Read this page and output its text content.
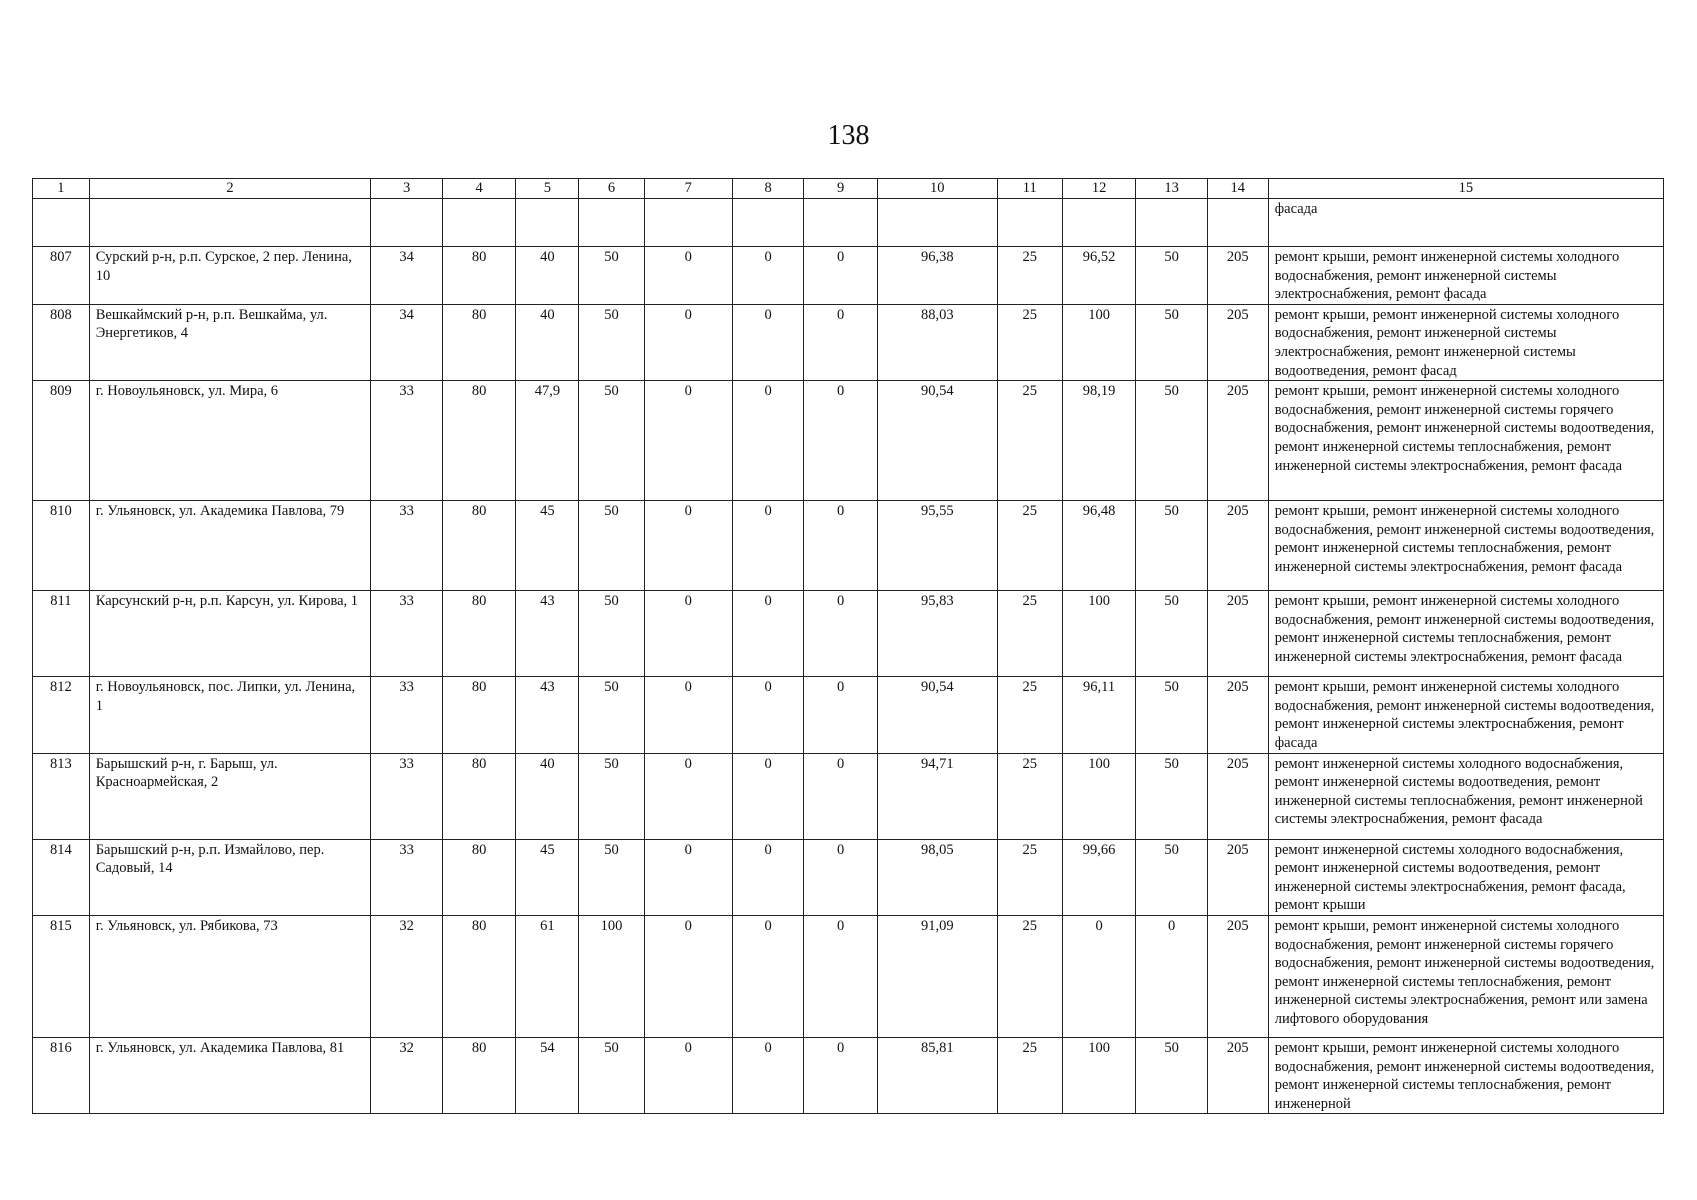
138
1	2	3	4	5	6	7	8	9	10	11	12	13	14	15
														фасада
807	Сурский р-н, р.п. Сурское, 2 пер. Ленина, 10	34	80	40	50	0	0	0	96,38	25	96,52	50	205	ремонт крыши, ремонт инженерной системы холодного водоснабжения, ремонт инженерной системы электроснабжения, ремонт фасада
808	Вешкаймский р-н, р.п. Вешкайма, ул. Энергетиков, 4	34	80	40	50	0	0	0	88,03	25	100	50	205	ремонт крыши, ремонт инженерной системы холодного водоснабжения, ремонт инженерной системы электроснабжения, ремонт инженерной системы водоотведения, ремонт фасад
809	г. Новоульяновск, ул. Мира, 6	33	80	47,9	50	0	0	0	90,54	25	98,19	50	205	ремонт крыши, ремонт инженерной системы холодного водоснабжения, ремонт инженерной системы горячего водоснабжения, ремонт инженерной системы водоотведения, ремонт инженерной системы теплоснабжения, ремонт инженерной системы электроснабжения, ремонт фасада
810	г. Ульяновск, ул. Академика Павлова, 79	33	80	45	50	0	0	0	95,55	25	96,48	50	205	ремонт крыши, ремонт инженерной системы холодного водоснабжения, ремонт инженерной системы водоотведения, ремонт инженерной системы теплоснабжения, ремонт инженерной системы электроснабжения, ремонт фасада
811	Карсунский р-н, р.п. Карсун, ул. Кирова, 1	33	80	43	50	0	0	0	95,83	25	100	50	205	ремонт крыши, ремонт инженерной системы холодного водоснабжения, ремонт инженерной системы водоотведения, ремонт инженерной системы теплоснабжения, ремонт инженерной системы электроснабжения, ремонт фасада
812	г. Новоульяновск, пос. Липки, ул. Ленина, 1	33	80	43	50	0	0	0	90,54	25	96,11	50	205	ремонт крыши, ремонт инженерной системы холодного водоснабжения, ремонт инженерной системы водоотведения, ремонт инженерной системы электроснабжения, ремонт фасада
813	Барышский р-н, г. Барыш, ул. Красноармейская, 2	33	80	40	50	0	0	0	94,71	25	100	50	205	ремонт инженерной системы холодного водоснабжения, ремонт инженерной системы водоотведения, ремонт инженерной системы теплоснабжения, ремонт инженерной системы электроснабжения, ремонт фасада
814	Барышский р-н, р.п. Измайлово, пер. Садовый, 14	33	80	45	50	0	0	0	98,05	25	99,66	50	205	ремонт инженерной системы холодного водоснабжения, ремонт инженерной системы водоотведения, ремонт инженерной системы электроснабжения, ремонт фасада, ремонт крыши
815	г. Ульяновск, ул. Рябикова, 73	32	80	61	100	0	0	0	91,09	25	0	0	205	ремонт крыши, ремонт инженерной системы холодного водоснабжения, ремонт инженерной системы горячего водоснабжения, ремонт инженерной системы водоотведения, ремонт инженерной системы теплоснабжения, ремонт инженерной системы электроснабжения, ремонт или замена лифтового оборудования
816	г. Ульяновск, ул. Академика Павлова, 81	32	80	54	50	0	0	0	85,81	25	100	50	205	ремонт крыши, ремонт инженерной системы холодного водоснабжения, ремонт инженерной системы водоотведения, ремонт инженерной системы теплоснабжения, ремонт инженерной
